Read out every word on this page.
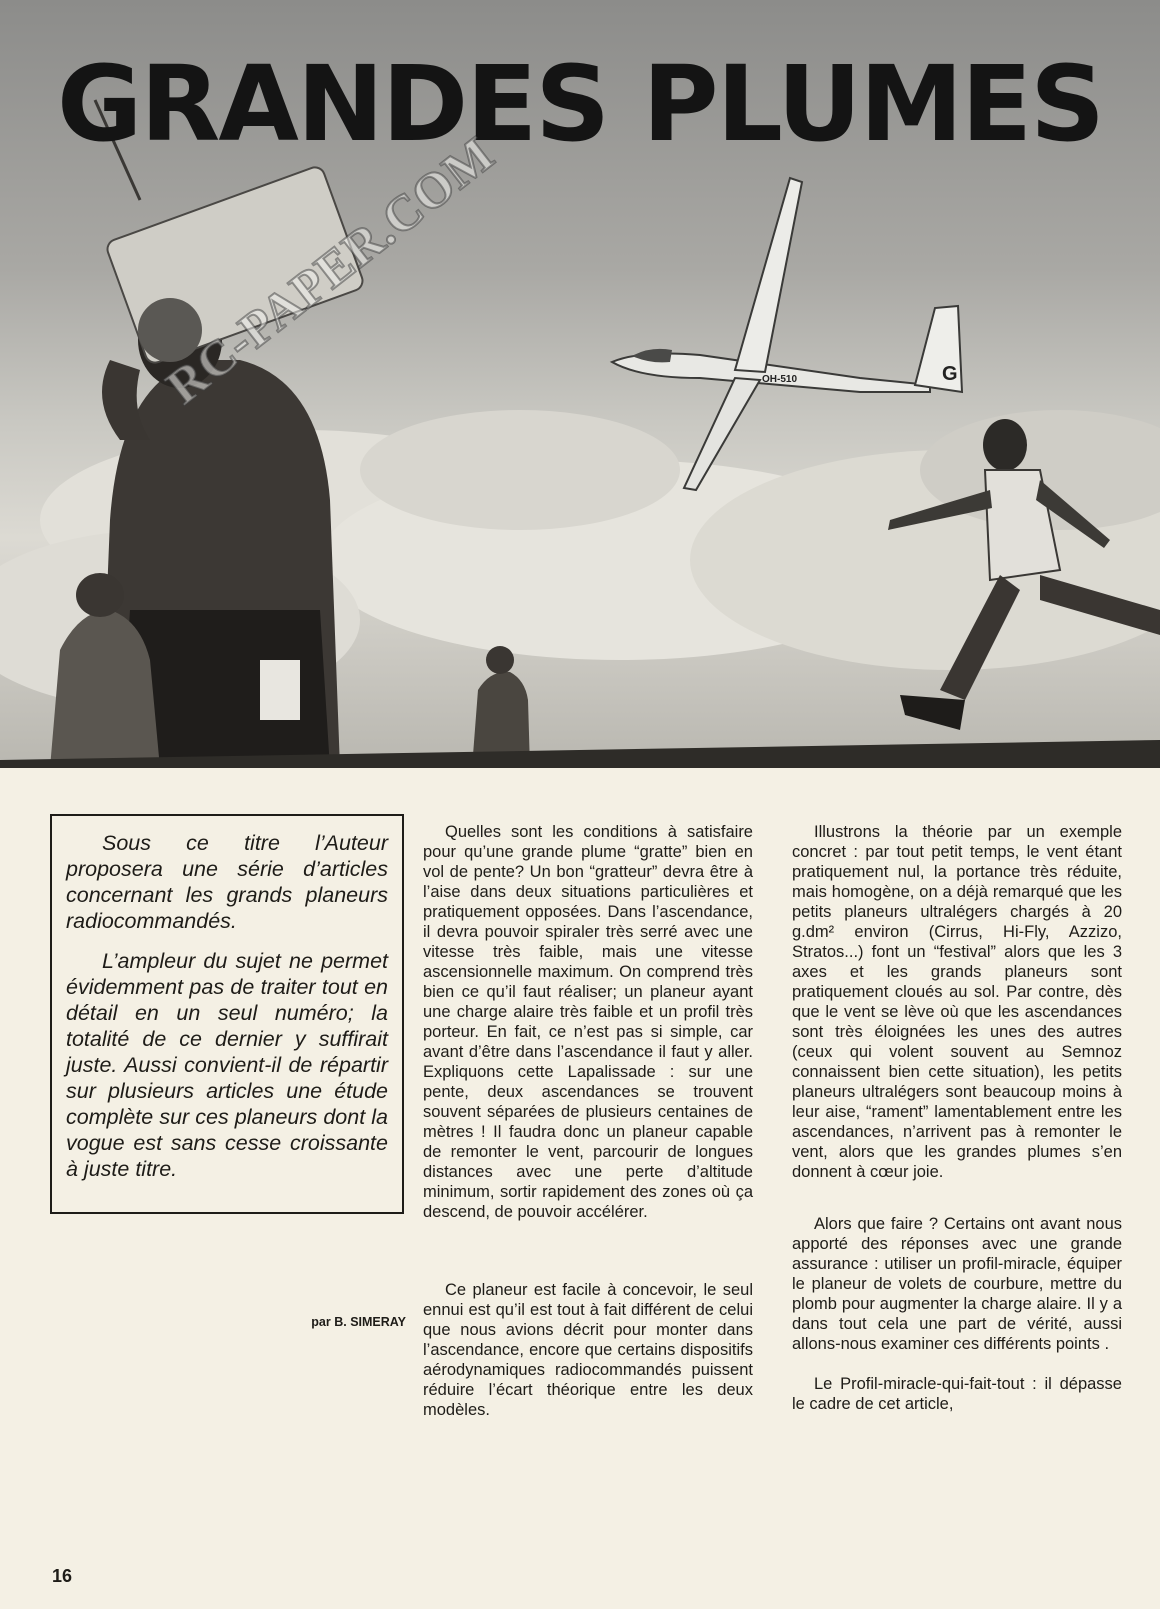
G
OH-510
GRANDES PLUMES
RC-PAPER.COM

Sous ce titre l’Auteur proposera une série d’articles concernant les grands planeurs radiocommandés.

L’ampleur du sujet ne permet évidemment pas de traiter tout en détail en un seul numéro; la totalité de ce dernier y suffirait juste. Aussi convient-il de répartir sur plusieurs articles une étude complète sur ces planeurs dont la vogue est sans cesse croissante à juste titre.

par B. SIMERAY

Quelles sont les conditions à satisfaire pour qu’une grande plume “gratte” bien en vol de pente? Un bon “gratteur” devra être à l’aise dans deux situations particulières et pratiquement opposées. Dans l’ascendance, il devra pouvoir spiraler très serré avec une vitesse très faible, mais une vitesse ascensionnelle maximum. On comprend très bien ce qu’il faut réaliser; un planeur ayant une charge alaire très faible et un profil très porteur. En fait, ce n’est pas si simple, car avant d’être dans l’ascendance il faut y aller. Expliquons cette Lapalissade : sur une pente, deux ascendances se trouvent souvent séparées de plusieurs centaines de mètres ! Il faudra donc un planeur capable de remonter le vent, parcourir de longues distances avec une perte d’altitude minimum, sortir rapidement des zones où ça descend, de pouvoir accélérer.

Ce planeur est facile à concevoir, le seul ennui est qu’il est tout à fait différent de celui que nous avions décrit pour monter dans l’ascendance, encore que certains dispositifs aérodynamiques radiocommandés puissent réduire l’écart théorique entre les deux modèles.

Illustrons la théorie par un exemple concret : par tout petit temps, le vent étant pratiquement nul, la portance très réduite, mais homogène, on a déjà remarqué que les petits planeurs ultralégers chargés à 20 g.dm² environ (Cirrus, Hi-Fly, Azzizo, Stratos...) font un “festival” alors que les 3 axes et les grands planeurs sont pratiquement cloués au sol. Par contre, dès que le vent se lève où que les ascendances sont très éloignées les unes des autres (ceux qui volent souvent au Semnoz connaissent bien cette situation), les petits planeurs ultralégers sont beaucoup moins à leur aise, “rament” lamentablement entre les ascendances, n’arrivent pas à remonter le vent, alors que les grandes plumes s’en donnent à cœur joie.

Alors que faire ? Certains ont avant nous apporté des réponses avec une grande assurance : utiliser un profil-miracle, équiper le planeur de volets de courbure, mettre du plomb pour augmenter la charge alaire. Il y a dans tout cela une part de vérité, aussi allons-nous examiner ces différents points .

Le Profil-miracle-qui-fait-tout : il dépasse le cadre de cet article,

16
